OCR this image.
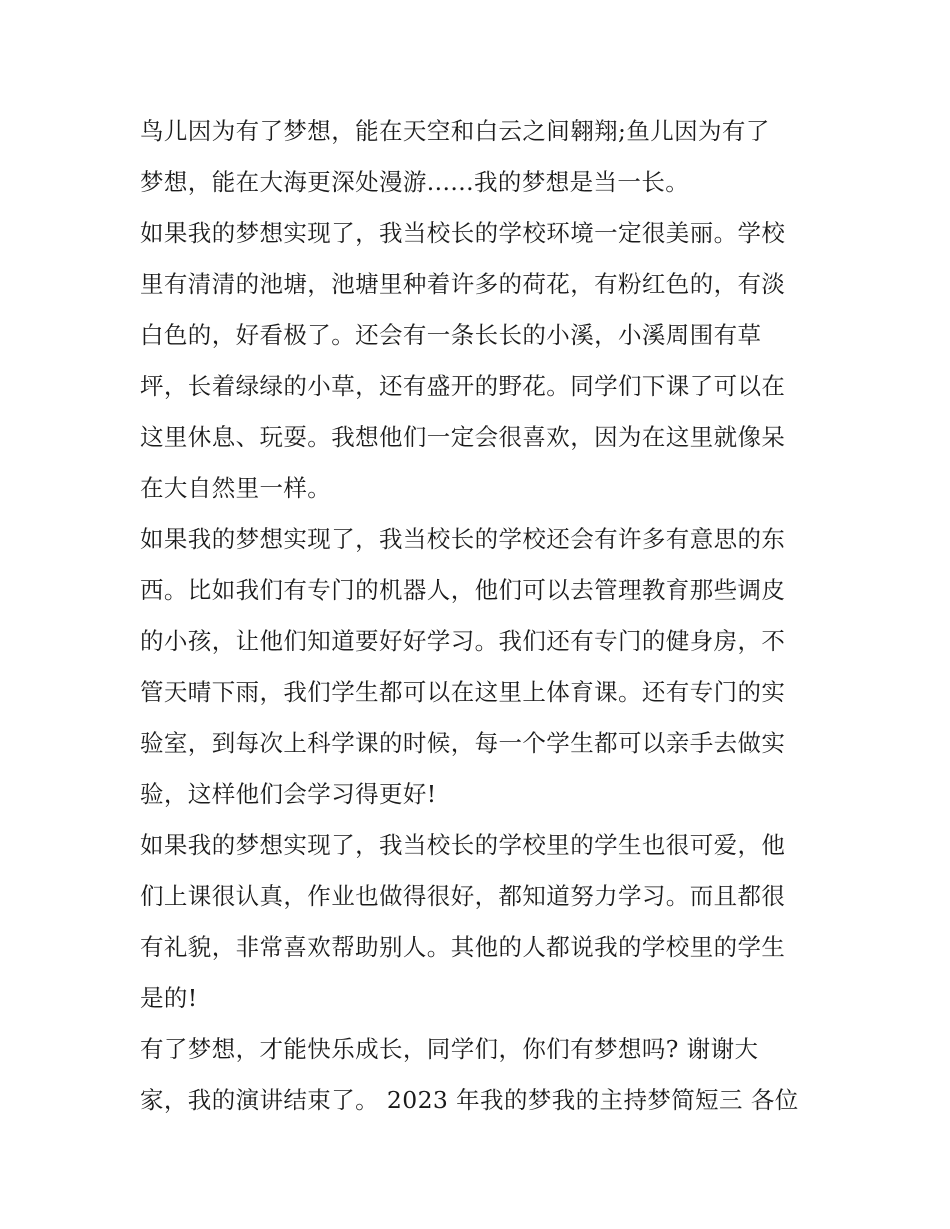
鸟儿因为有了梦想，能在天空和白云之间翱翔;鱼儿因为有了
梦想，能在大海更深处漫游......我的梦想是当一长。
如果我的梦想实现了，我当校长的学校环境一定很美丽。学校
里有清清的池塘，池塘里种着许多的荷花，有粉红色的，有淡
白色的，好看极了。还会有一条长长的小溪，小溪周围有草
坪，长着绿绿的小草，还有盛开的野花。同学们下课了可以在
这里休息、玩耍。我想他们一定会很喜欢，因为在这里就像呆
在大自然里一样。
如果我的梦想实现了，我当校长的学校还会有许多有意思的东
西。比如我们有专门的机器人，他们可以去管理教育那些调皮
的小孩，让他们知道要好好学习。我们还有专门的健身房，不
管天晴下雨，我们学生都可以在这里上体育课。还有专门的实
验室，到每次上科学课的时候，每一个学生都可以亲手去做实
验，这样他们会学习得更好!
如果我的梦想实现了，我当校长的学校里的学生也很可爱，他
们上课很认真，作业也做得很好，都知道努力学习。而且都很
有礼貌，非常喜欢帮助别人。其他的人都说我的学校里的学生
是的!
有了梦想，才能快乐成长，同学们，你们有梦想吗? 谢谢大
家，我的演讲结束了。 2023 年我的梦我的主持梦简短三 各位
